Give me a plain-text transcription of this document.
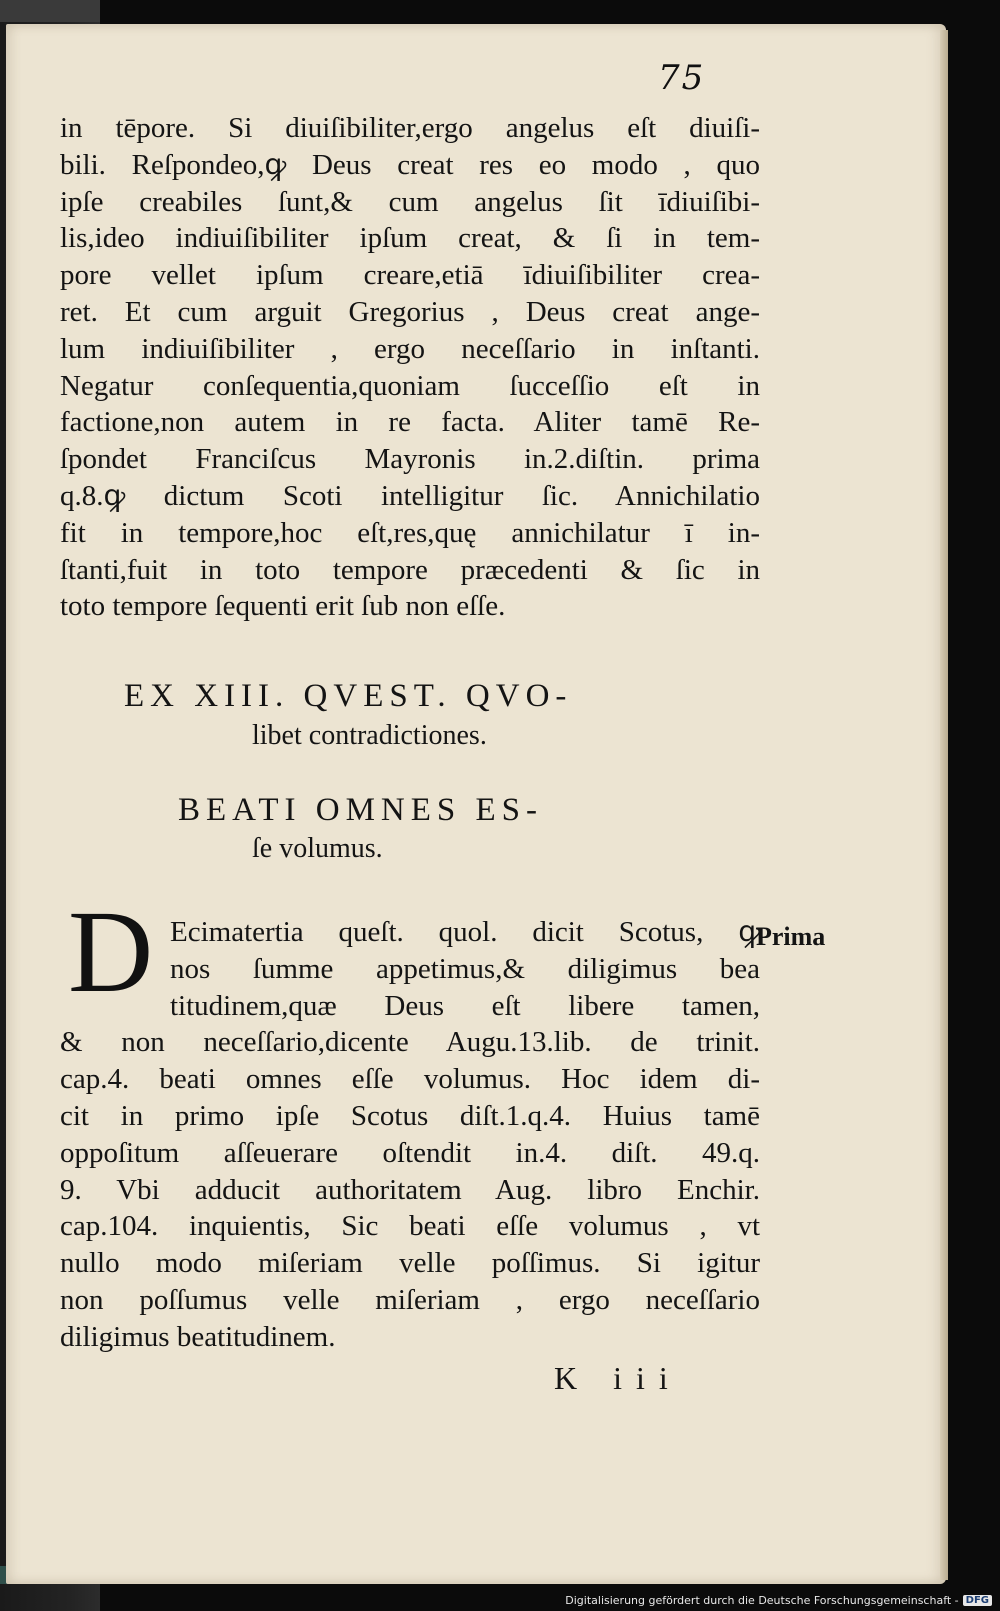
75
in tēpore. Si diuiſibiliter,ergo angelus eſt diuiſi-
bili. Reſpondeo,ꝙ Deus creat res eo modo , quo
ipſe creabiles ſunt,& cum angelus ſit īdiuiſibi-
lis,ideo indiuiſibiliter ipſum creat, & ſi in tem-
pore vellet ipſum creare,etiā īdiuiſibiliter crea-
ret. Et cum arguit Gregorius , Deus creat ange-
lum indiuiſibiliter , ergo neceſſario in inſtanti.
Negatur conſequentia,quoniam ſucceſſio eſt in
factione,non autem in re facta. Aliter tamē Re-
ſpondet Franciſcus Mayronis in.2.diſtin. prima
q.8.ꝙ dictum Scoti intelligitur ſic. Annichilatio
fit in tempore,hoc eſt,res,quę annichilatur ī in-
ſtanti,fuit in toto tempore præcedenti & ſic in
toto tempore ſequenti erit ſub non eſſe.
EX XIII. QVEST. QVO-
libet contradictiones.
BEATI OMNES ES-
ſe volumus.
D Ecimatertia queſt. quol. dicit Scotus, ꝙ
nos ſumme appetimus,& diligimus bea
titudinem,quæ Deus eſt libere tamen,
& non neceſſario,dicente Augu.13.lib. de trinit.
cap.4. beati omnes eſſe volumus. Hoc idem di-
cit in primo ipſe Scotus diſt.1.q.4. Huius tamē
oppoſitum aſſeuerare oſtendit in.4. diſt. 49.q.
9. Vbi adducit authoritatem Aug. libro Enchir.
cap.104. inquientis, Sic beati eſſe volumus , vt
nullo modo miſeriam velle poſſimus. Si igitur
non poſſumus velle miſeriam , ergo neceſſario
diligimus beatitudinem.
Prima
K iii
Digitalisierung gefördert durch die Deutsche Forschungsgemeinschaft - DFG
